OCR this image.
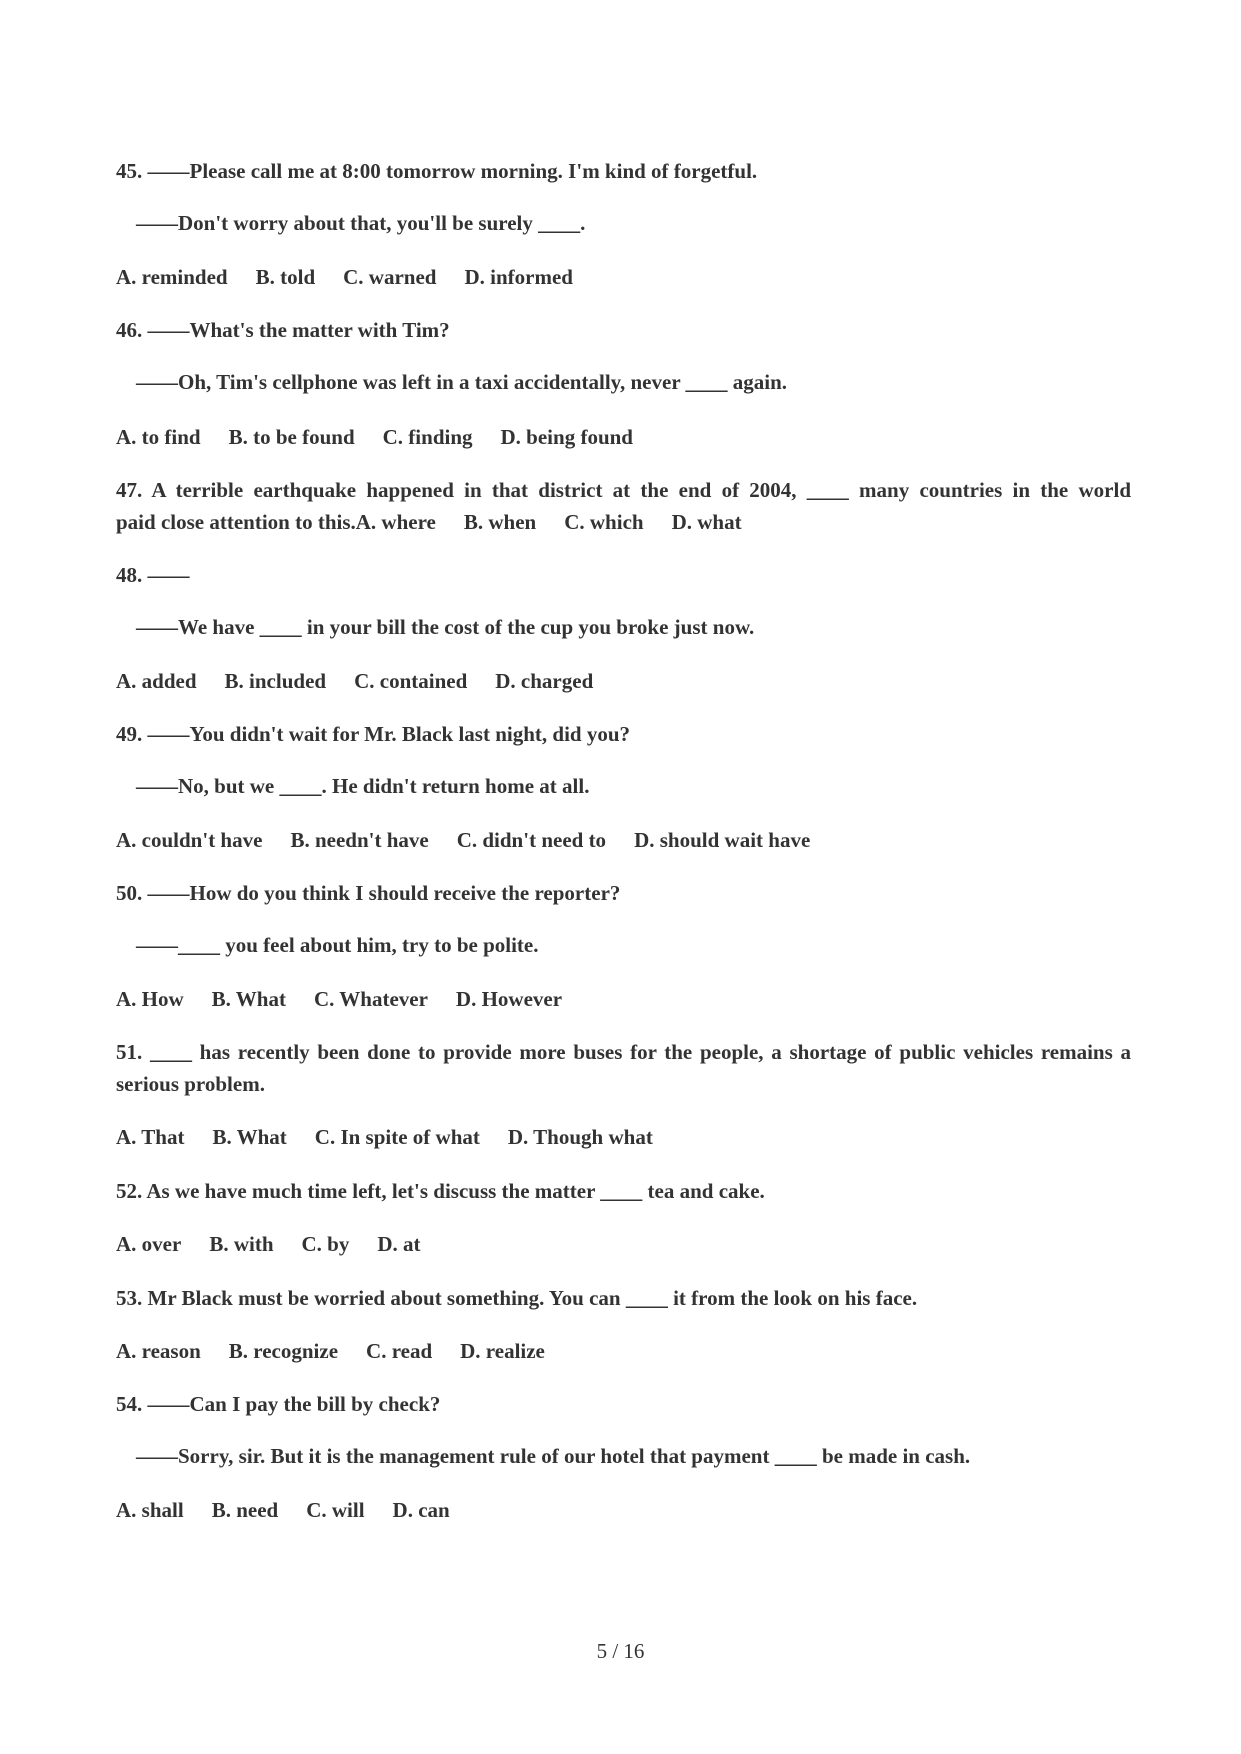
45. ——Please call me at 8:00 tomorrow morning. I'm kind of forgetful.
——Don't worry about that, you'll be surely ____.
A. reminded B. told C. warned D. informed
46. ——What's the matter with Tim?
——Oh, Tim's cellphone was left in a taxi accidentally, never ____ again.
A. to find B. to be found C. finding D. being found
47. A terrible earthquake happened in that district at the end of 2004, ____ many countries in the world
paid close attention to this.A. where B. when C. which D. what
48. ——
——We have ____ in your bill the cost of the cup you broke just now.
A. added B. included C. contained D. charged
49. ——You didn't wait for Mr. Black last night, did you?
——No, but we ____. He didn't return home at all.
A. couldn't have B. needn't have C. didn't need to D. should wait have
50. ——How do you think I should receive the reporter?
——____ you feel about him, try to be polite.
A. How B. What C. Whatever D. However
51. ____ has recently been done to provide more buses for the people, a shortage of public vehicles remains a
serious problem.
A. That B. What C. In spite of what D. Though what
52. As we have much time left, let's discuss the matter ____ tea and cake.
A. over B. with C. by D. at
53. Mr Black must be worried about something. You can ____ it from the look on his face.
A. reason B. recognize C. read D. realize
54. ——Can I pay the bill by check?
——Sorry, sir. But it is the management rule of our hotel that payment ____ be made in cash.
A. shall B. need C. will D. can
5 / 16
